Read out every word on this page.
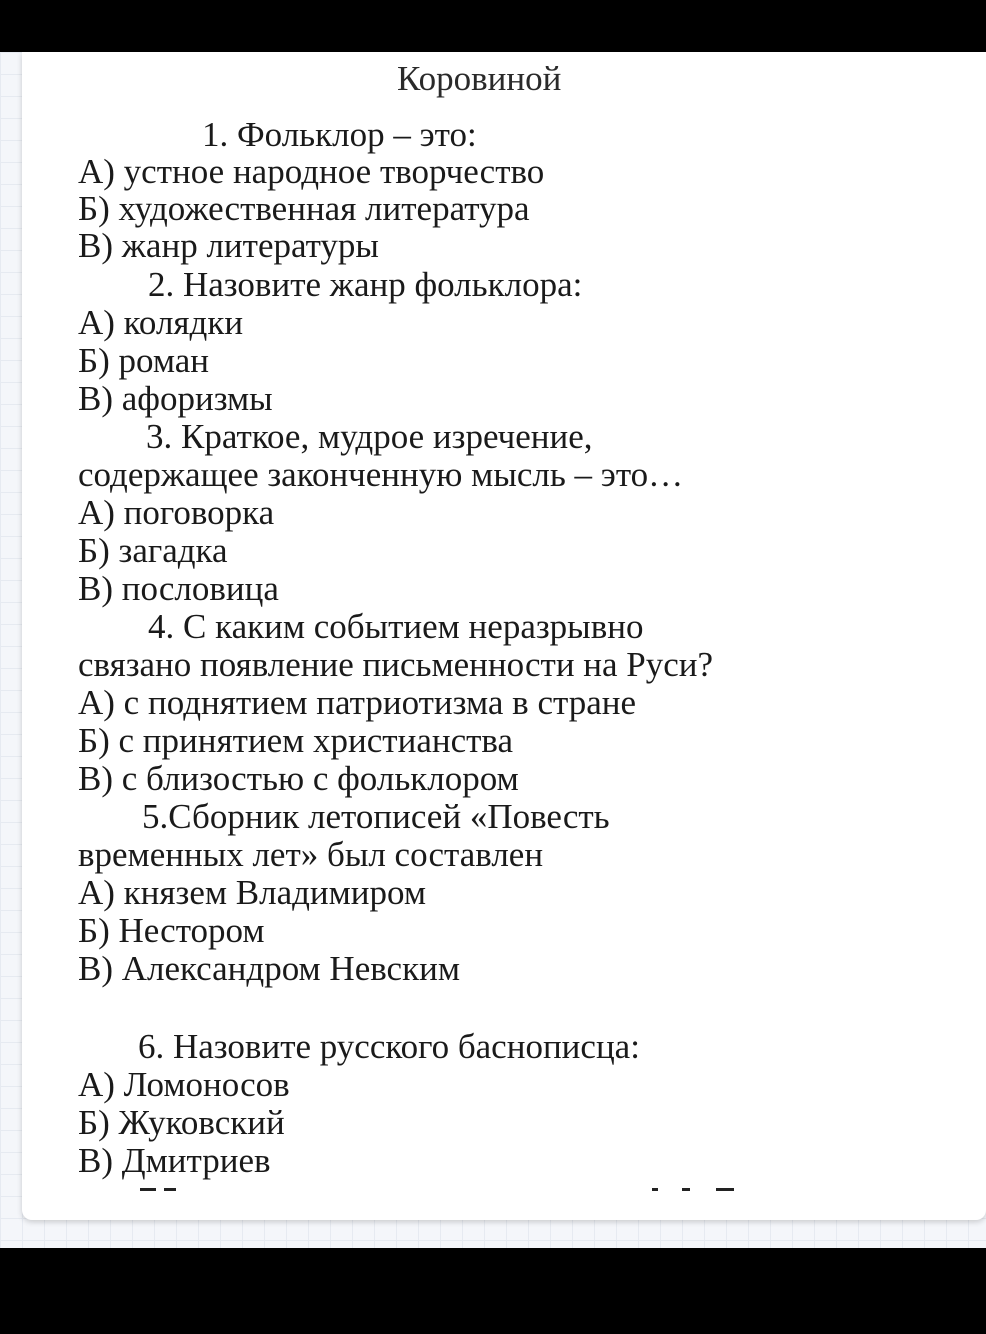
Коровиной
1. Фольклор – это:
А) устное народное творчество
Б) художественная литература
В) жанр литературы
2. Назовите жанр фольклора:
А) колядки
Б) роман
В) афоризмы
3. Краткое, мудрое изречение,
содержащее законченную мысль – это…
А) поговорка
Б) загадка
В) пословица
4. С каким событием неразрывно
связано появление письменности на Руси?
А) с поднятием патриотизма в стране
Б) с принятием христианства
В) с близостью с фольклором
5.Сборник летописей «Повесть
временных лет» был составлен
А) князем Владимиром
Б) Нестором
В) Александром Невским
6. Назовите русского баснописца:
А) Ломоносов
Б) Жуковский
В) Дмитриев
